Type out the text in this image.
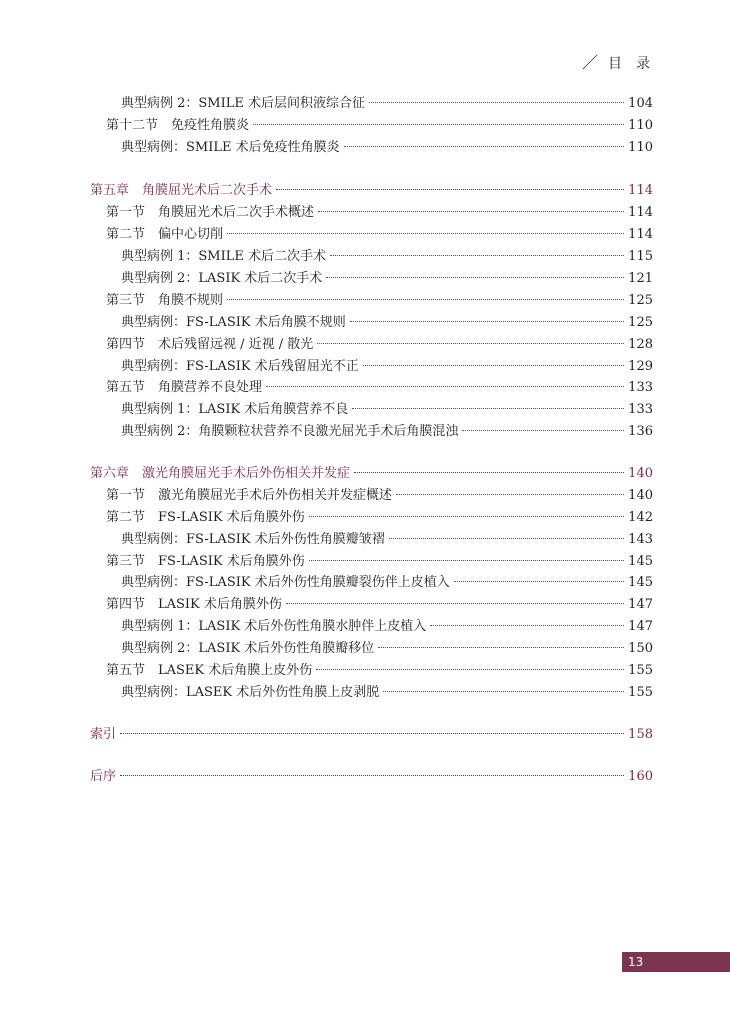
／ 目　录
典型病例 2：SMILE 术后层间积液综合征	104
第十二节　免疫性角膜炎	110
典型病例：SMILE 术后免疫性角膜炎	110
第五章　角膜屈光术后二次手术	114
第一节　角膜屈光术后二次手术概述	114
第二节　偏中心切削	114
典型病例 1：SMILE 术后二次手术	115
典型病例 2：LASIK 术后二次手术	121
第三节　角膜不规则	125
典型病例：FS-LASIK 术后角膜不规则	125
第四节　术后残留远视 / 近视 / 散光	128
典型病例：FS-LASIK 术后残留屈光不正	129
第五节　角膜营养不良处理	133
典型病例 1：LASIK 术后角膜营养不良	133
典型病例 2：角膜颗粒状营养不良激光屈光手术后角膜混浊	136
第六章　激光角膜屈光手术后外伤相关并发症	140
第一节　激光角膜屈光手术后外伤相关并发症概述	140
第二节　FS-LASIK 术后角膜外伤	142
典型病例：FS-LASIK 术后外伤性角膜瓣皱褶	143
第三节　FS-LASIK 术后角膜外伤	145
典型病例：FS-LASIK 术后外伤性角膜瓣裂伤伴上皮植入	145
第四节　LASIK 术后角膜外伤	147
典型病例 1：LASIK 术后外伤性角膜水肿伴上皮植入	147
典型病例 2：LASIK 术后外伤性角膜瓣移位	150
第五节　LASEK 术后角膜上皮外伤	155
典型病例：LASEK 术后外伤性角膜上皮剥脱	155
索引	158
后序	160
13
